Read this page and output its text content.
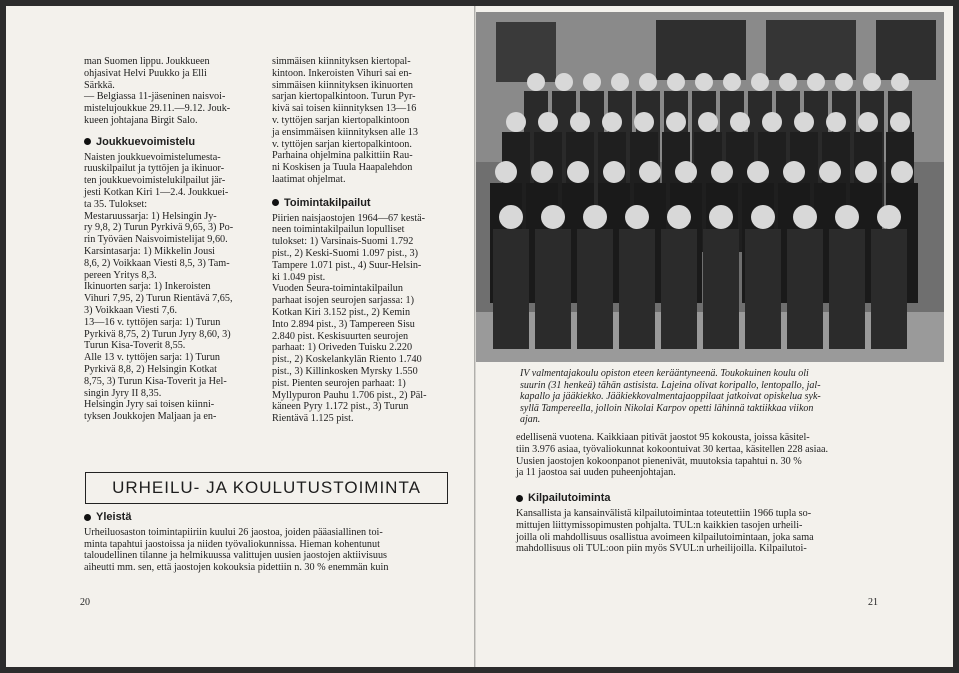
man Suomen lippu. Joukkueen

ohjasivat Helvi Puukko ja Elli

Särkkä.

— Belgiassa 11-jäseninen naisvoi-

mistelujoukkue 29.11.—9.12. Jouk-

kueen johtajana Birgit Salo.

Joukkuevoimistelu

Naisten joukkuevoimistelumesta-

ruuskilpailut ja tyttöjen ja ikinuor-

ten joukkuevoimistelukilpailut jär-

jesti Kotkan Kiri 1—2.4. Joukkuei-

ta 35. Tulokset:

Mestaruussarja: 1) Helsingin Jy-

ry 9,8, 2) Turun Pyrkivä 9,65, 3) Po-

rin Työväen Naisvoimistelijat 9,60.

Karsintasarja: 1) Mikkelin Jousi

8,6, 2) Voikkaan Viesti 8,5, 3) Tam-

pereen Yritys 8,3.

Ikinuorten sarja: 1) Inkeroisten

Vihuri 7,95, 2) Turun Rientävä 7,65,

3) Voikkaan Viesti 7,6.

13—16 v. tyttöjen sarja: 1) Turun

Pyrkivä 8,75, 2) Turun Jyry 8,60, 3)

Turun Kisa-Toverit 8,55.

Alle 13 v. tyttöjen sarja: 1) Turun

Pyrkivä 8,8, 2) Helsingin Kotkat

8,75, 3) Turun Kisa-Toverit ja Hel-

singin Jyry II 8,35.

Helsingin Jyry sai toisen kiinni-

tyksen Joukkojen Maljaan ja en-

simmäisen kiinnityksen kiertopal-

kintoon. Inkeroisten Vihuri sai en-

simmäisen kiinnityksen ikinuorten

sarjan kiertopalkintoon. Turun Pyr-

kivä sai toisen kiinnityksen 13—16

v. tyttöjen sarjan kiertopalkintoon

ja ensimmäisen kiinnityksen alle 13

v. tyttöjen sarjan kiertopalkintoon.

Parhaina ohjelmina palkittiin Rau-

ni Koskisen ja Tuula Haapalehdon

laatimat ohjelmat.

Toimintakilpailut

Piirien naisjaostojen 1964—67 kestä-

neen toimintakilpailun lopulliset

tulokset: 1) Varsinais-Suomi 1.792

pist., 2) Keski-Suomi 1.097 pist., 3)

Tampere 1.071 pist., 4) Suur-Helsin-

ki 1.049 pist.

Vuoden Seura-toimintakilpailun

parhaat isojen seurojen sarjassa: 1)

Kotkan Kiri 3.152 pist., 2) Kemin

Into 2.894 pist., 3) Tampereen Sisu

2.840 pist. Keskisuurten seurojen

parhaat: 1) Oriveden Tuisku 2.220

pist., 2) Koskelankylän Riento 1.740

pist., 3) Killinkosken Myrsky 1.550

pist. Pienten seurojen parhaat: 1)

Myllypuron Pauhu 1.706 pist., 2) Päl-

käneen Pyry 1.172 pist., 3) Turun

Rientävä 1.125 pist.

URHEILU- JA KOULUTUSTOIMINTA

Yleistä

Urheiluosaston toimintapiiriin kuului 26 jaostoa, joiden pääasiallinen toi-

minta tapahtui jaostoissa ja niiden työvaliokunnissa. Hieman kohentunut

taloudellinen tilanne ja helmikuussa valittujen uusien jaostojen aktiivisuus

aiheutti mm. sen, että jaostojen kokouksia pidettiin n. 30 % enemmän kuin

20

IV valmentajakoulu opiston eteen kerääntyneenä. Toukokuinen koulu oli

suurin (31 henkeä) tähän astisista. Lajeina olivat koripallo, lentopallo, jal-

kapallo ja jääkiekko. Jääkiekkovalmentajaoppilaat jatkoivat opiskelua syk-

syllä Tampereella, jolloin Nikolai Karpov opetti lähinnä taktiikkaa viikon

ajan.

edellisenä vuotena. Kaikkiaan pitivät jaostot 95 kokousta, joissa käsitel-

tiin 3.976 asiaa, työvaliokunnat kokoontuivat 30 kertaa, käsitellen 228 asiaa.

Uusien jaostojen kokoonpanot pienenivät, muutoksia tapahtui n. 30 %

ja 11 jaostoa sai uuden puheenjohtajan.

Kilpailutoiminta

Kansallista ja kansainvälistä kilpailutoimintaa toteutettiin 1966 tupla so-

mittujen liittymissopimusten pohjalta. TUL:n kaikkien tasojen urheili-

joilla oli mahdollisuus osallistua avoimeen kilpailutoimintaan, joka sama

mahdollisuus oli TUL:oon piin myös SVUL:n urheilijoilla. Kilpailutoi-

21
